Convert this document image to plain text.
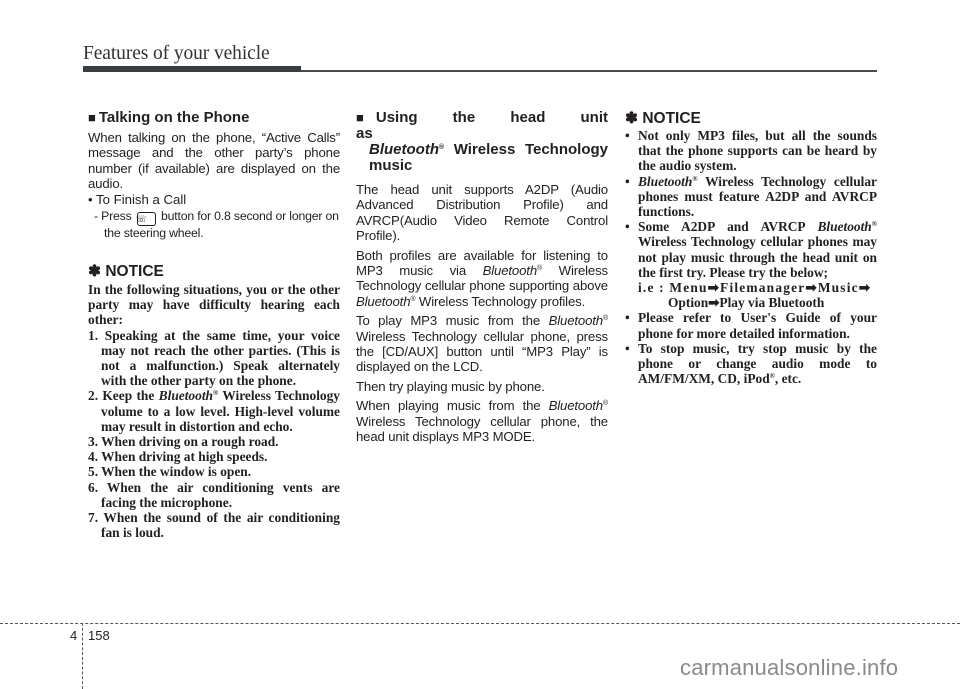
Features of your vehicle
■ Talking on the Phone

When talking on the phone, “Active Calls” message and the other party’s phone number (if available) are displayed on the audio.

• To Finish a Call

- Press ☏ button for 0.8 second or longer on the steering wheel.

✽ NOTICE

In the following situations, you or the other party may have difficulty hearing each other:

1. Speaking at the same time, your voice may not reach the other parties. (This is not a malfunction.) Speak alternately with the other party on the phone.
2. Keep the Bluetooth® Wireless Technology volume to a low level. High-level volume may result in distortion and echo.
3. When driving on a rough road.
4. When driving at high speeds.
5. When the window is open.
6. When the air conditioning vents are facing the microphone.
7. When the sound of the air conditioning fan is loud.
■ Using the head unit as
Bluetooth® Wireless Technology music

The head unit supports A2DP (Audio Advanced Distribution Profile) and AVRCP(Audio Video Remote Control Profile).

Both profiles are available for listening to MP3 music via Bluetooth® Wireless Technology cellular phone supporting above Bluetooth® Wireless Technology profiles.

To play MP3 music from the Bluetooth® Wireless Technology cellular phone, press the [CD/AUX] button until “MP3 Play” is displayed on the LCD.

Then try playing music by phone.

When playing music from the Bluetooth® Wireless Technology cellular phone, the head unit displays MP3 MODE.

✽ NOTICE

• Not only MP3 files, but all the sounds that the phone supports can be heard by the audio system.
• Bluetooth® Wireless Technology cellular phones must feature A2DP and AVRCP functions.
• Some A2DP and AVRCP Bluetooth® Wireless Technology cellular phones may not play music through the head unit on the first try. Please try the below;
i.e : Menu➡Filemanager➡Music➡
Option➡Play via Bluetooth
• Please refer to User's Guide of your phone for more detailed information.
• To stop music, try stop music by the phone or change audio mode to AM/FM/XM, CD, iPod®, etc.
4 158
carmanualsonline.info
